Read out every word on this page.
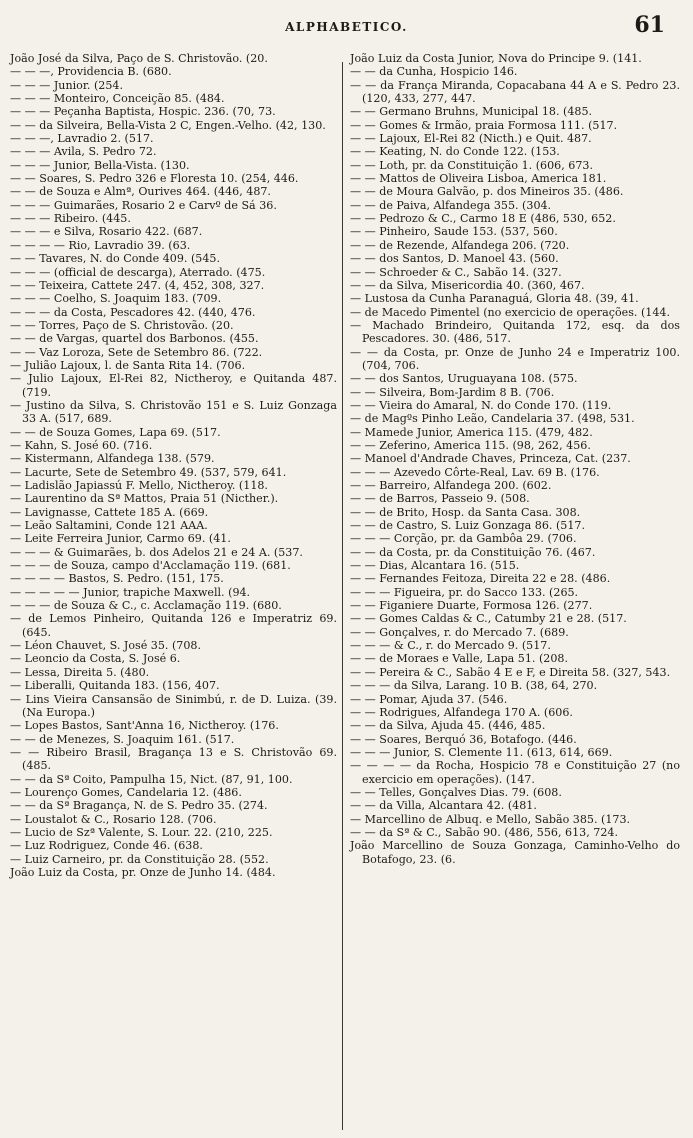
ALPHABETICO.	61

João José da Silva, Paço de S. Christovão. (20.

— — —, Providencia B. (680.

— — — Junior. (254.

— — — Monteiro, Conceição 85. (484.

— — — Peçanha Baptista, Hospic. 236. (70, 73.

— — da Silveira, Bella-Vista 2 C, Engen.-Velho. (42, 130.

— — —, Lavradio 2. (517.

— — — Avila, S. Pedro 72.

— — — Junior, Bella-Vista. (130.

— — Soares, S. Pedro 326 e Floresta 10. (254, 446.

— — de Souza e Almª, Ourives 464. (446, 487.

— — — Guimarães, Rosario 2 e Carvº de Sá 36.

— — — Ribeiro. (445.

— — — e Silva, Rosario 422. (687.

— — — — Rio, Lavradio 39. (63.

— — Tavares, N. do Conde 409. (545.

— — — (official de descarga), Aterrado. (475.

— — Teixeira, Cattete 247. (4, 452, 308, 327.

— — — Coelho, S. Joaquim 183. (709.

— — — da Costa, Pescadores 42. (440, 476.

— — Torres, Paço de S. Christovão. (20.

— — de Vargas, quartel dos Barbonos. (455.

— — Vaz Loroza, Sete de Setembro 86. (722.

— Julião Lajoux, l. de Santa Rita 14. (706.

— Julio Lajoux, El-Rei 82, Nictheroy, e Quitanda 487. (719.

— Justino da Silva, S. Christovão 151 e S. Luiz Gonzaga 33 A. (517, 689.

— — de Souza Gomes, Lapa 69. (517.

— Kahn, S. José 60. (716.

— Kistermann, Alfandega 138. (579.

— Lacurte, Sete de Setembro 49. (537, 579, 641.

— Ladislão Japiassú F. Mello, Nictheroy. (118.

— Laurentino da Sª Mattos, Praia 51 (Nicther.).

— Lavignasse, Cattete 185 A. (669.

— Leão Saltamini, Conde 121 AAA.

— Leite Ferreira Junior, Carmo 69. (41.

— — — & Guimarães, b. dos Adelos 21 e 24 A. (537.

— — — de Souza, campo d'Acclamação 119. (681.

— — — — Bastos, S. Pedro. (151, 175.

— — — — — Junior, trapiche Maxwell. (94.

— — — de Souza & C., c. Acclamação 119. (680.

— de Lemos Pinheiro, Quitanda 126 e Imperatriz 69. (645.

— Léon Chauvet, S. José 35. (708.

— Leoncio da Costa, S. José 6.

— Lessa, Direita 5. (480.

— Liberalli, Quitanda 183. (156, 407.

— Lins Vieira Cansansão de Sinimbú, r. de D. Luiza. (39. (Na Europa.)

— Lopes Bastos, Sant'Anna 16, Nictheroy. (176.

— — de Menezes, S. Joaquim 161. (517.

— — Ribeiro Brasil, Bragança 13 e S. Christovão 69. (485.

— — da Sª Coito, Pampulha 15, Nict. (87, 91, 100.

— Lourenço Gomes, Candelaria 12. (486.

— — da Sª Bragança, N. de S. Pedro 35. (274.

— Loustalot & C., Rosario 128. (706.

— Lucio de Szª Valente, S. Lour. 22. (210, 225.

— Luz Rodriguez, Conde 46. (638.

— Luiz Carneiro, pr. da Constituição 28. (552.

João Luiz da Costa, pr. Onze de Junho 14. (484.

João Luiz da Costa Junior, Nova do Principe 9. (141.

— — da Cunha, Hospicio 146.

— — da França Miranda, Copacabana 44 A e S. Pedro 23. (120, 433, 277, 447.

— — Germano Bruhns, Municipal 18. (485.

— — Gomes & Irmão, praia Formosa 111. (517.

— — Lajoux, El-Rei 82 (Nicth.) e Quit. 487.

— — Keating, N. do Conde 122. (153.

— — Loth, pr. da Constituição 1. (606, 673.

— — Mattos de Oliveira Lisboa, America 181.

— — de Moura Galvão, p. dos Mineiros 35. (486.

— — de Paiva, Alfandega 355. (304.

— — Pedrozo & C., Carmo 18 E (486, 530, 652.

— — Pinheiro, Saude 153. (537, 560.

— — de Rezende, Alfandega 206. (720.

— — dos Santos, D. Manoel 43. (560.

— — Schroeder & C., Sabão 14. (327.

— — da Silva, Misericordia 40. (360, 467.

— Lustosa da Cunha Paranaguá, Gloria 48. (39, 41.

— de Macedo Pimentel (no exercicio de operações. (144.

— Machado Brindeiro, Quitanda 172, esq. da dos Pescadores. 30. (486, 517.

— — da Costa, pr. Onze de Junho 24 e Imperatriz 100. (704, 706.

— — dos Santos, Uruguayana 108. (575.

— — Silveira, Bom-Jardim 8 B. (706.

— — Vieira do Amaral, N. do Conde 170. (119.

— de Magºs Pinho Leão, Candelaria 37. (498, 531.

— Mamede Junior, America 115. (479, 482.

— — Zeferino, America 115. (98, 262, 456.

— Manoel d'Andrade Chaves, Princeza, Cat. (237.

— — — Azevedo Côrte-Real, Lav. 69 B. (176.

— — Barreiro, Alfandega 200. (602.

— — de Barros, Passeio 9. (508.

— — de Brito, Hosp. da Santa Casa. 308.

— — de Castro, S. Luiz Gonzaga 86. (517.

— — — Corção, pr. da Gambôa 29. (706.

— — da Costa, pr. da Constituição 76. (467.

— — Dias, Alcantara 16. (515.

— — Fernandes Feitoza, Direita 22 e 28. (486.

— — — Figueira, pr. do Sacco 133. (265.

— — Figaniere Duarte, Formosa 126. (277.

— — Gomes Caldas & C., Catumby 21 e 28. (517.

— — Gonçalves, r. do Mercado 7. (689.

— — — & C., r. do Mercado 9. (517.

— — de Moraes e Valle, Lapa 51. (208.

— — Pereira & C., Sabão 4 E e F, e Direita 58. (327, 543.

— — — da Silva, Larang. 10 B. (38, 64, 270.

— — Pomar, Ajuda 37. (546.

— — Rodrigues, Alfandega 170 A. (606.

— — da Silva, Ajuda 45. (446, 485.

— — Soares, Berquó 36, Botafogo. (446.

— — — Junior, S. Clemente 11. (613, 614, 669.

— — — — da Rocha, Hospicio 78 e Constituição 27 (no exercicio em operações). (147.

— — Telles, Gonçalves Dias. 79. (608.

— — da Villa, Alcantara 42. (481.

— Marcellino de Albuq. e Mello, Sabão 385. (173.

— — da Sª & C., Sabão 90. (486, 556, 613, 724.

João Marcellino de Souza Gonzaga, Caminho-Velho do Botafogo, 23. (6.
